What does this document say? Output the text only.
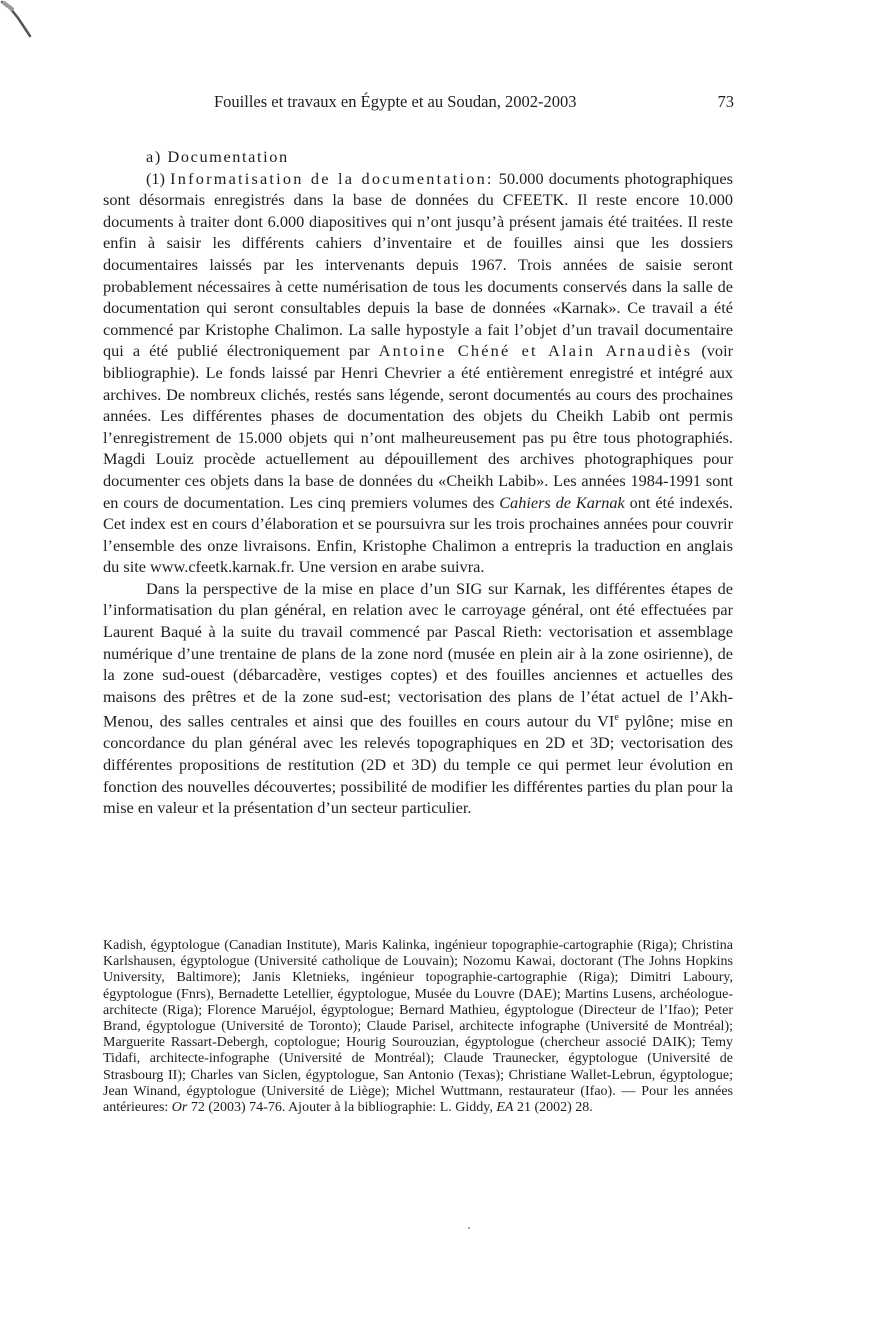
Fouilles et travaux en Égypte et au Soudan, 2002-2003	73

a) Documentation

(1) Informatisation de la documentation: 50.000 documents photographiques sont désormais enregistrés dans la base de données du CFEETK. Il reste encore 10.000 documents à traiter dont 6.000 diapositives qui n’ont jusqu’à présent jamais été traitées. Il reste enfin à saisir les différents cahiers d’inventaire et de fouilles ainsi que les dossiers documentaires laissés par les intervenants depuis 1967. Trois années de saisie seront probablement nécessaires à cette numérisation de tous les documents conservés dans la salle de documentation qui seront consultables depuis la base de données «Karnak». Ce travail a été commencé par Kristophe Chalimon. La salle hypostyle a fait l’objet d’un travail documentaire qui a été publié électroniquement par Antoine Chéné et Alain Arnaudiès (voir bibliographie). Le fonds laissé par Henri Chevrier a été entièrement enregistré et intégré aux archives. De nombreux clichés, restés sans légende, seront documentés au cours des prochaines années. Les différentes phases de documentation des objets du Cheikh Labib ont permis l’enregistrement de 15.000 objets qui n’ont malheureusement pas pu être tous photographiés. Magdi Louiz procède actuellement au dépouillement des archives photographiques pour documenter ces objets dans la base de données du «Cheikh Labib». Les années 1984-1991 sont en cours de documentation. Les cinq premiers volumes des Cahiers de Karnak ont été indexés. Cet index est en cours d’élaboration et se poursuivra sur les trois prochaines années pour couvrir l’ensemble des onze livraisons. Enfin, Kristophe Chalimon a entrepris la traduction en anglais du site www.cfeetk.karnak.fr. Une version en arabe suivra.

Dans la perspective de la mise en place d’un SIG sur Karnak, les différentes étapes de l’informatisation du plan général, en relation avec le carroyage général, ont été effectuées par Laurent Baqué à la suite du travail commencé par Pascal Rieth: vectorisation et assemblage numérique d’une trentaine de plans de la zone nord (musée en plein air à la zone osirienne), de la zone sud-ouest (débarcadère, vestiges coptes) et des fouilles anciennes et actuelles des maisons des prêtres et de la zone sud-est; vectorisation des plans de l’état actuel de l’Akh-Menou, des salles centrales et ainsi que des fouilles en cours autour du VIe pylône; mise en concordance du plan général avec les relevés topographiques en 2D et 3D; vectorisation des différentes propositions de restitution (2D et 3D) du temple ce qui permet leur évolution en fonction des nouvelles découvertes; possibilité de modifier les différentes parties du plan pour la mise en valeur et la présentation d’un secteur particulier.

Kadish, égyptologue (Canadian Institute), Maris Kalinka, ingénieur topographie-cartographie (Riga); Christina Karlshausen, égyptologue (Université catholique de Louvain); Nozomu Kawai, doctorant (The Johns Hopkins University, Baltimore); Janis Kletnieks, ingénieur topographie-cartographie (Riga); Dimitri Laboury, égyptologue (Fnrs), Bernadette Letellier, égyptologue, Musée du Louvre (DAE); Martins Lusens, archéologue-architecte (Riga); Florence Maruéjol, égyptologue; Bernard Mathieu, égyptologue (Directeur de l’Ifao); Peter Brand, égyptologue (Université de Toronto); Claude Parisel, architecte infographe (Université de Montréal); Marguerite Rassart-Debergh, coptologue; Hourig Sourouzian, égyptologue (chercheur associé DAIK); Temy Tidafi, architecte-infographe (Université de Montréal); Claude Traunecker, égyptologue (Université de Strasbourg II); Charles van Siclen, égyptologue, San Antonio (Texas); Christiane Wallet-Lebrun, égyptologue; Jean Winand, égyptologue (Université de Liège); Michel Wuttmann, restaurateur (Ifao). — Pour les années antérieures: Or 72 (2003) 74-76. Ajouter à la bibliographie: L. Giddy, EA 21 (2002) 28.
